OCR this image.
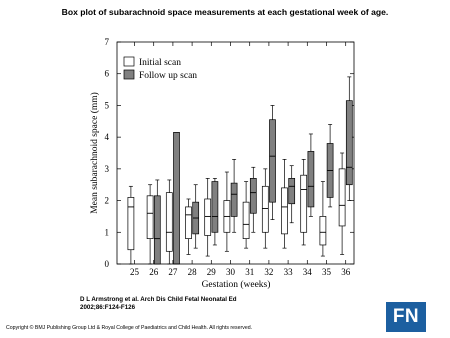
Box plot of subarachnoid space measurements at each gestational week of age.
0
1
2
3
4
5
6
7
25 26 27 28 29 30 31 32 33 34 35 36
Initial scan
Follow up scan
Gestation (weeks)
Mean subarachnoid space (mm)
D L Armstrong et al. Arch Dis Child Fetal Neonatal Ed
2002;86:F124-F126
Copyright © BMJ Publishing Group Ltd & Royal College of Paediatrics and Child Health. All rights reserved.
FN
